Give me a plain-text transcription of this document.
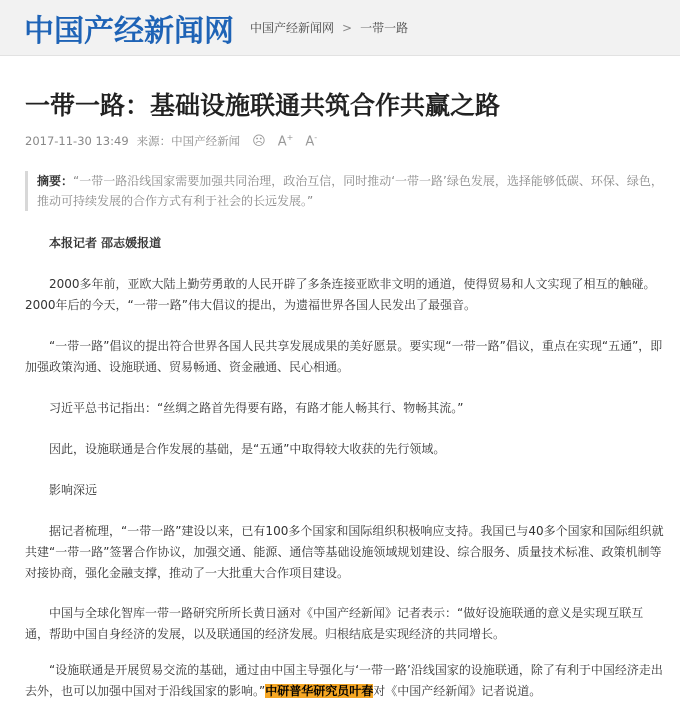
中国产经新闻网 中国产经新闻网 > 一带一路
一带一路：基础设施联通共筑合作共赢之路
2017-11-30 13:49 来源：中国产经新闻 ☹ A+ A-
摘要：“一带一路沿线国家需要加强共同治理，政治互信，同时推动‘一带一路’绿色发展，选择能够低碳、环保、绿色，推动可持续发展的合作方式有利于社会的长远发展。”

本报记者 邵志媛报道

2000多年前，亚欧大陆上勤劳勇敢的人民开辟了多条连接亚欧非文明的通道，使得贸易和人文实现了相互的触碰。2000年后的今天，“一带一路”伟大倡议的提出，为遗福世界各国人民发出了最强音。

“一带一路”倡议的提出符合世界各国人民共享发展成果的美好愿景。要实现“一带一路”倡议，重点在实现“五通”，即加强政策沟通、设施联通、贸易畅通、资金融通、民心相通。

习近平总书记指出：“丝绸之路首先得要有路，有路才能人畅其行、物畅其流。”

因此，设施联通是合作发展的基础，是“五通”中取得较大收获的先行领域。

影响深远

据记者梳理，“一带一路”建设以来，已有100多个国家和国际组织积极响应支持。我国已与40多个国家和国际组织就共建“一带一路”签署合作协议，加强交通、能源、通信等基础设施领域规划建设、综合服务、质量技术标准、政策机制等对接协商，强化金融支撑，推动了一大批重大合作项目建设。

中国与全球化智库一带一路研究所所长黄日涵对《中国产经新闻》记者表示：“做好设施联通的意义是实现互联互通，帮助中国自身经济的发展，以及联通国的经济发展。归根结底是实现经济的共同增长。

“设施联通是开展贸易交流的基础，通过由中国主导强化与‘一带一路’沿线国家的设施联通，除了有利于中国经济走出去外，也可以加强中国对于沿线国家的影响。”中研普华研究员叶春对《中国产经新闻》记者说道。
